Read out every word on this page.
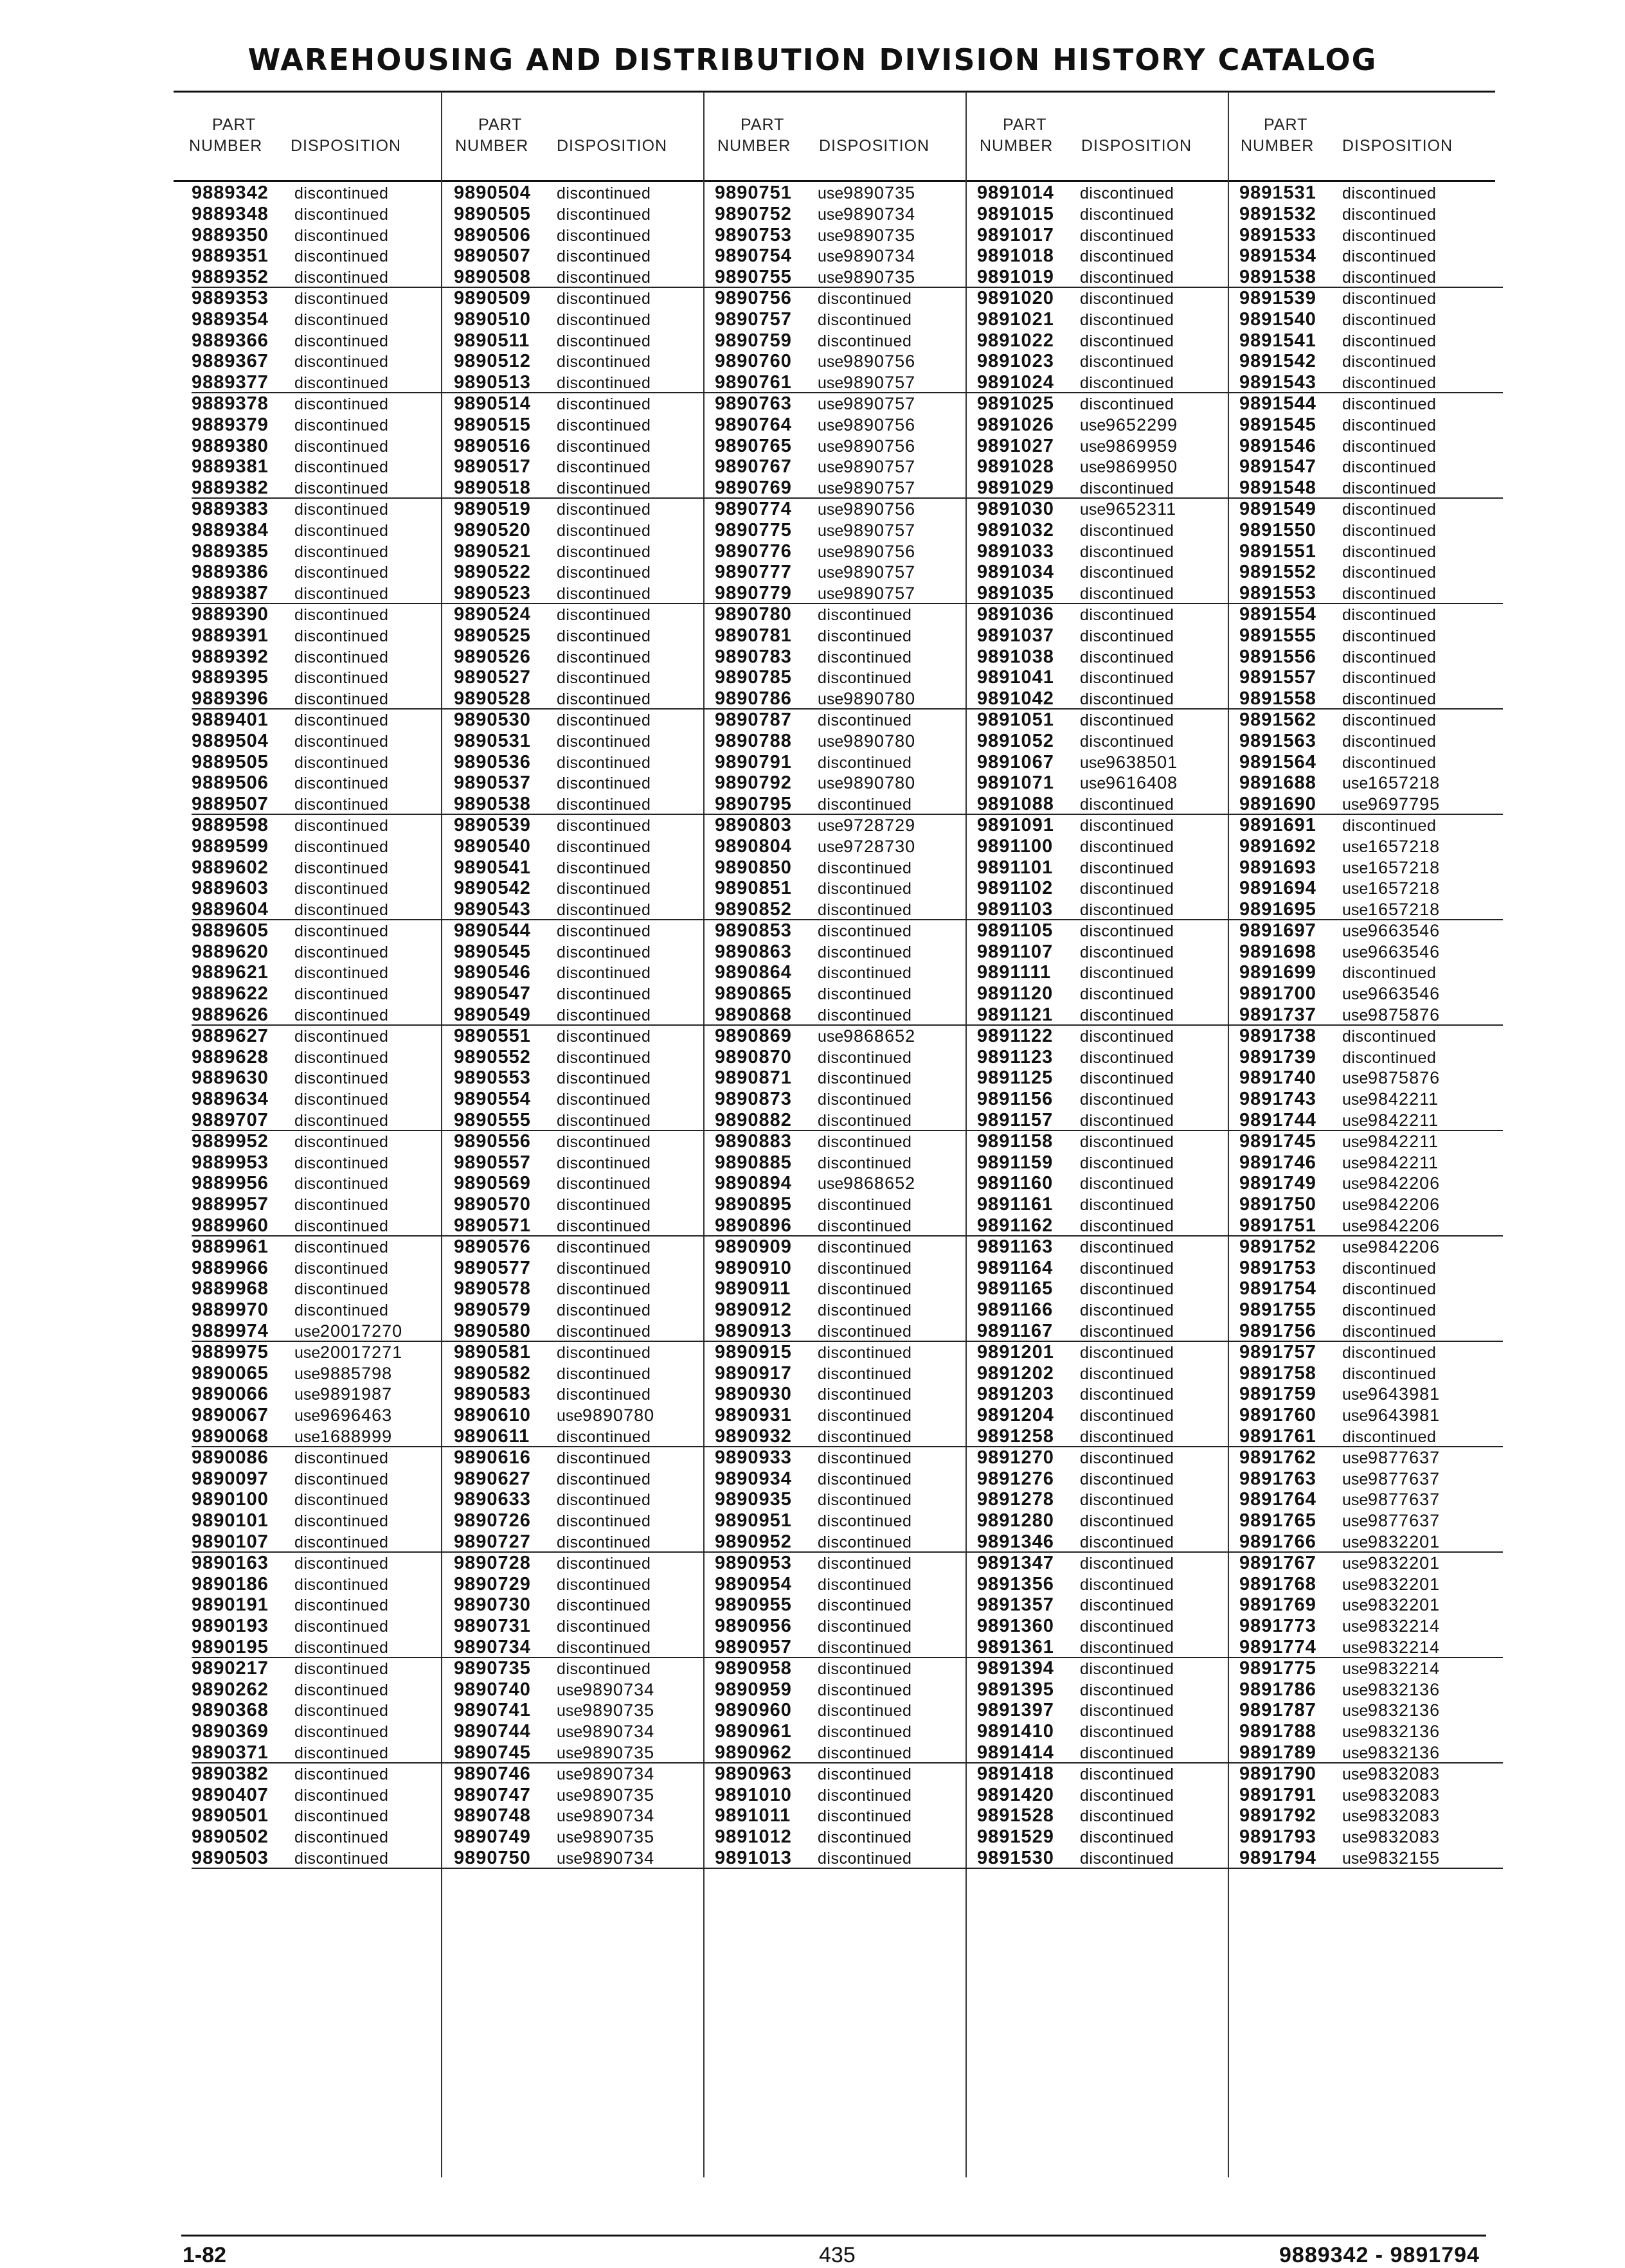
WAREHOUSING AND DISTRIBUTION DIVISION HISTORY CATALOG
PART
NUMBER DISPOSITION
PART
NUMBER DISPOSITION
PART
NUMBER DISPOSITION
PART
NUMBER DISPOSITION
PART
NUMBER DISPOSITION
9889342 discontinued
9889348 discontinued
9889350 discontinued
9889351 discontinued
9889352 discontinued
9889353 discontinued
9889354 discontinued
9889366 discontinued
9889367 discontinued
9889377 discontinued
9889378 discontinued
9889379 discontinued
9889380 discontinued
9889381 discontinued
9889382 discontinued
9889383 discontinued
9889384 discontinued
9889385 discontinued
9889386 discontinued
9889387 discontinued
9889390 discontinued
9889391 discontinued
9889392 discontinued
9889395 discontinued
9889396 discontinued
9889401 discontinued
9889504 discontinued
9889505 discontinued
9889506 discontinued
9889507 discontinued
9889598 discontinued
9889599 discontinued
9889602 discontinued
9889603 discontinued
9889604 discontinued
9889605 discontinued
9889620 discontinued
9889621 discontinued
9889622 discontinued
9889626 discontinued
9889627 discontinued
9889628 discontinued
9889630 discontinued
9889634 discontinued
9889707 discontinued
9889952 discontinued
9889953 discontinued
9889956 discontinued
9889957 discontinued
9889960 discontinued
9889961 discontinued
9889966 discontinued
9889968 discontinued
9889970 discontinued
9889974 use20017270
9889975 use20017271
9890065 use9885798
9890066 use9891987
9890067 use9696463
9890068 use1688999
9890086 discontinued
9890097 discontinued
9890100 discontinued
9890101 discontinued
9890107 discontinued
9890163 discontinued
9890186 discontinued
9890191 discontinued
9890193 discontinued
9890195 discontinued
9890217 discontinued
9890262 discontinued
9890368 discontinued
9890369 discontinued
9890371 discontinued
9890382 discontinued
9890407 discontinued
9890501 discontinued
9890502 discontinued
9890503 discontinued
9890504 discontinued
9890505 discontinued
9890506 discontinued
9890507 discontinued
9890508 discontinued
9890509 discontinued
9890510 discontinued
9890511 discontinued
9890512 discontinued
9890513 discontinued
9890514 discontinued
9890515 discontinued
9890516 discontinued
9890517 discontinued
9890518 discontinued
9890519 discontinued
9890520 discontinued
9890521 discontinued
9890522 discontinued
9890523 discontinued
9890524 discontinued
9890525 discontinued
9890526 discontinued
9890527 discontinued
9890528 discontinued
9890530 discontinued
9890531 discontinued
9890536 discontinued
9890537 discontinued
9890538 discontinued
9890539 discontinued
9890540 discontinued
9890541 discontinued
9890542 discontinued
9890543 discontinued
9890544 discontinued
9890545 discontinued
9890546 discontinued
9890547 discontinued
9890549 discontinued
9890551 discontinued
9890552 discontinued
9890553 discontinued
9890554 discontinued
9890555 discontinued
9890556 discontinued
9890557 discontinued
9890569 discontinued
9890570 discontinued
9890571 discontinued
9890576 discontinued
9890577 discontinued
9890578 discontinued
9890579 discontinued
9890580 discontinued
9890581 discontinued
9890582 discontinued
9890583 discontinued
9890610 use9890780
9890611 discontinued
9890616 discontinued
9890627 discontinued
9890633 discontinued
9890726 discontinued
9890727 discontinued
9890728 discontinued
9890729 discontinued
9890730 discontinued
9890731 discontinued
9890734 discontinued
9890735 discontinued
9890740 use9890734
9890741 use9890735
9890744 use9890734
9890745 use9890735
9890746 use9890734
9890747 use9890735
9890748 use9890734
9890749 use9890735
9890750 use9890734
9890751 use9890735
9890752 use9890734
9890753 use9890735
9890754 use9890734
9890755 use9890735
9890756 discontinued
9890757 discontinued
9890759 discontinued
9890760 use9890756
9890761 use9890757
9890763 use9890757
9890764 use9890756
9890765 use9890756
9890767 use9890757
9890769 use9890757
9890774 use9890756
9890775 use9890757
9890776 use9890756
9890777 use9890757
9890779 use9890757
9890780 discontinued
9890781 discontinued
9890783 discontinued
9890785 discontinued
9890786 use9890780
9890787 discontinued
9890788 use9890780
9890791 discontinued
9890792 use9890780
9890795 discontinued
9890803 use9728729
9890804 use9728730
9890850 discontinued
9890851 discontinued
9890852 discontinued
9890853 discontinued
9890863 discontinued
9890864 discontinued
9890865 discontinued
9890868 discontinued
9890869 use9868652
9890870 discontinued
9890871 discontinued
9890873 discontinued
9890882 discontinued
9890883 discontinued
9890885 discontinued
9890894 use9868652
9890895 discontinued
9890896 discontinued
9890909 discontinued
9890910 discontinued
9890911 discontinued
9890912 discontinued
9890913 discontinued
9890915 discontinued
9890917 discontinued
9890930 discontinued
9890931 discontinued
9890932 discontinued
9890933 discontinued
9890934 discontinued
9890935 discontinued
9890951 discontinued
9890952 discontinued
9890953 discontinued
9890954 discontinued
9890955 discontinued
9890956 discontinued
9890957 discontinued
9890958 discontinued
9890959 discontinued
9890960 discontinued
9890961 discontinued
9890962 discontinued
9890963 discontinued
9891010 discontinued
9891011 discontinued
9891012 discontinued
9891013 discontinued
9891014 discontinued
9891015 discontinued
9891017 discontinued
9891018 discontinued
9891019 discontinued
9891020 discontinued
9891021 discontinued
9891022 discontinued
9891023 discontinued
9891024 discontinued
9891025 discontinued
9891026 use9652299
9891027 use9869959
9891028 use9869950
9891029 discontinued
9891030 use9652311
9891032 discontinued
9891033 discontinued
9891034 discontinued
9891035 discontinued
9891036 discontinued
9891037 discontinued
9891038 discontinued
9891041 discontinued
9891042 discontinued
9891051 discontinued
9891052 discontinued
9891067 use9638501
9891071 use9616408
9891088 discontinued
9891091 discontinued
9891100 discontinued
9891101 discontinued
9891102 discontinued
9891103 discontinued
9891105 discontinued
9891107 discontinued
9891111 discontinued
9891120 discontinued
9891121 discontinued
9891122 discontinued
9891123 discontinued
9891125 discontinued
9891156 discontinued
9891157 discontinued
9891158 discontinued
9891159 discontinued
9891160 discontinued
9891161 discontinued
9891162 discontinued
9891163 discontinued
9891164 discontinued
9891165 discontinued
9891166 discontinued
9891167 discontinued
9891201 discontinued
9891202 discontinued
9891203 discontinued
9891204 discontinued
9891258 discontinued
9891270 discontinued
9891276 discontinued
9891278 discontinued
9891280 discontinued
9891346 discontinued
9891347 discontinued
9891356 discontinued
9891357 discontinued
9891360 discontinued
9891361 discontinued
9891394 discontinued
9891395 discontinued
9891397 discontinued
9891410 discontinued
9891414 discontinued
9891418 discontinued
9891420 discontinued
9891528 discontinued
9891529 discontinued
9891530 discontinued
9891531 discontinued
9891532 discontinued
9891533 discontinued
9891534 discontinued
9891538 discontinued
9891539 discontinued
9891540 discontinued
9891541 discontinued
9891542 discontinued
9891543 discontinued
9891544 discontinued
9891545 discontinued
9891546 discontinued
9891547 discontinued
9891548 discontinued
9891549 discontinued
9891550 discontinued
9891551 discontinued
9891552 discontinued
9891553 discontinued
9891554 discontinued
9891555 discontinued
9891556 discontinued
9891557 discontinued
9891558 discontinued
9891562 discontinued
9891563 discontinued
9891564 discontinued
9891688 use1657218
9891690 use9697795
9891691 discontinued
9891692 use1657218
9891693 use1657218
9891694 use1657218
9891695 use1657218
9891697 use9663546
9891698 use9663546
9891699 discontinued
9891700 use9663546
9891737 use9875876
9891738 discontinued
9891739 discontinued
9891740 use9875876
9891743 use9842211
9891744 use9842211
9891745 use9842211
9891746 use9842211
9891749 use9842206
9891750 use9842206
9891751 use9842206
9891752 use9842206
9891753 discontinued
9891754 discontinued
9891755 discontinued
9891756 discontinued
9891757 discontinued
9891758 discontinued
9891759 use9643981
9891760 use9643981
9891761 discontinued
9891762 use9877637
9891763 use9877637
9891764 use9877637
9891765 use9877637
9891766 use9832201
9891767 use9832201
9891768 use9832201
9891769 use9832201
9891773 use9832214
9891774 use9832214
9891775 use9832214
9891786 use9832136
9891787 use9832136
9891788 use9832136
9891789 use9832136
9891790 use9832083
9891791 use9832083
9891792 use9832083
9891793 use9832083
9891794 use9832155
1-82	435	9889342 - 9891794
